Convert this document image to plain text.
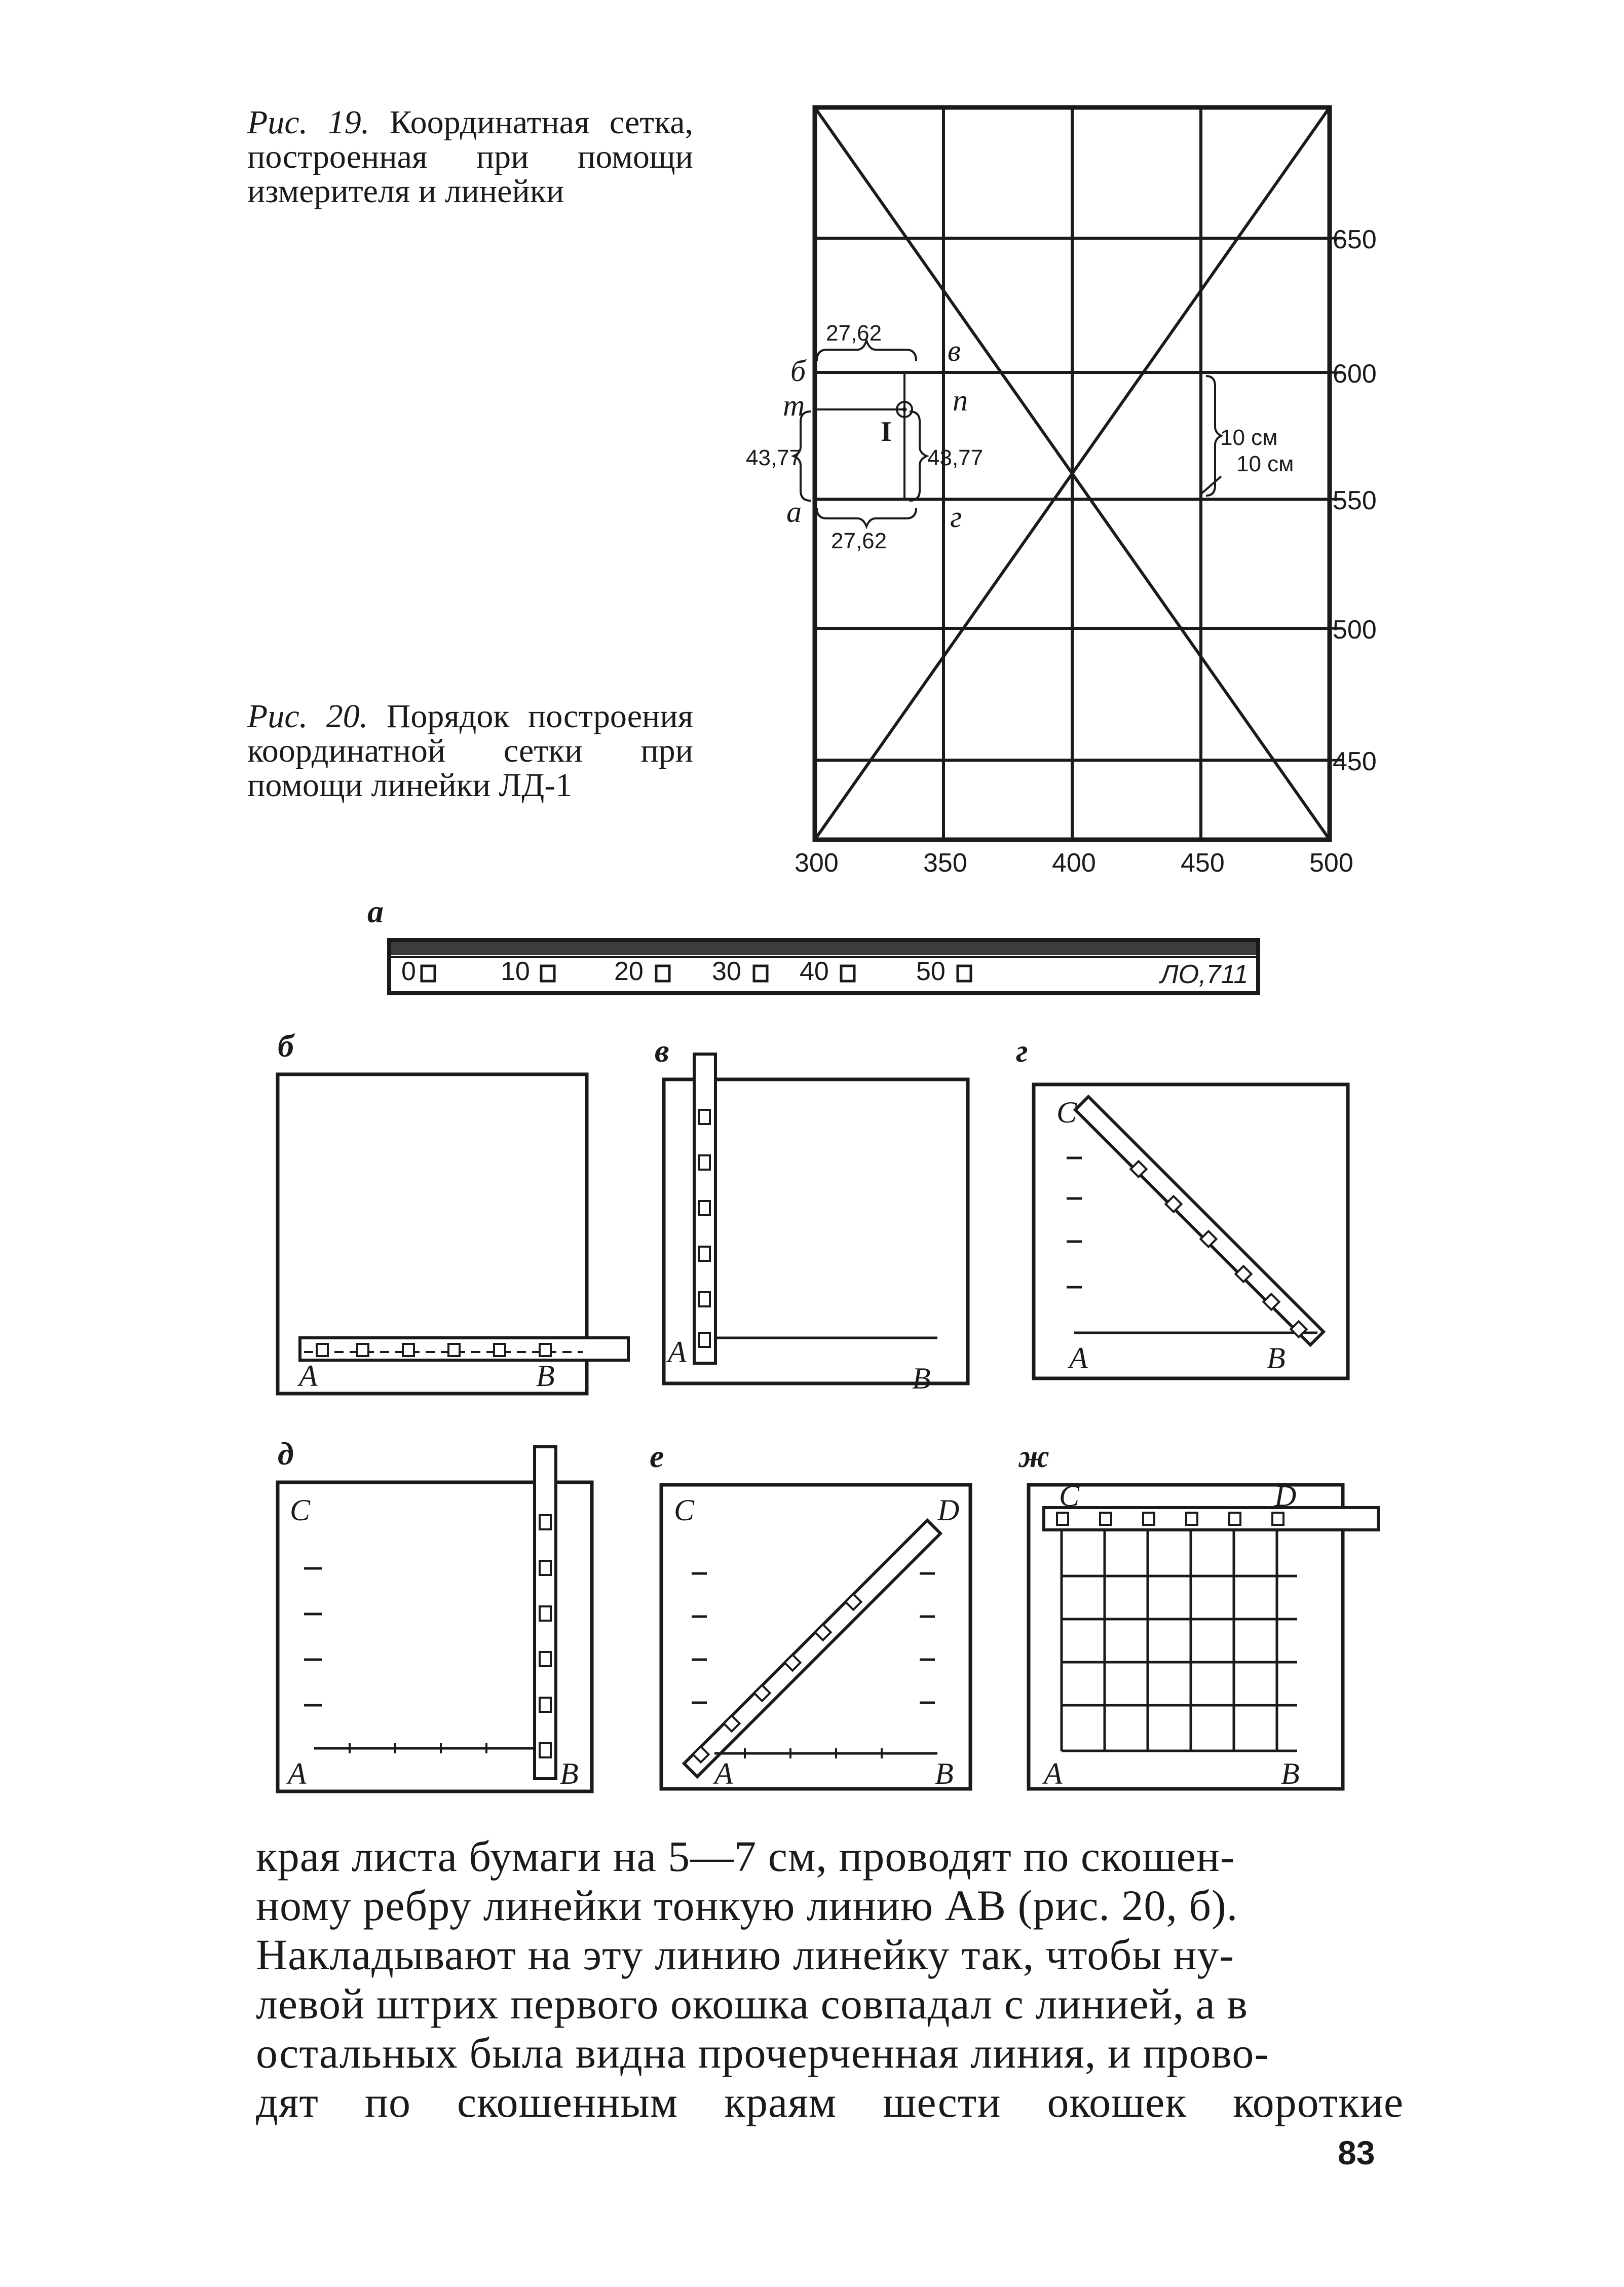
Рис. 19. Координатная сетка, построенная при помощи измерителя и линейки
Рис. 20. Порядок построения координатной сетки при помощи линейки ЛД-1
650
600
550
500
450
300	350	400	450	500
27,62
27,62
43,77	43,77
10 см
10 см
б
m
а
в
п
г
I
а
0	10	20	30 40	50	ЛО,711
б
A	B
в
A
B
г
C
A	B
д
C
A	B
е
C	D
A	B
ж
C	D
A	B
края листа бумаги на 5—7 см, проводят по скошен-
ному ребру линейки тонкую линию AB (рис. 20, б).
Накладывают на эту линию линейку так, чтобы ну-
левой штрих первого окошка совпадал с линией, а в
остальных была видна прочерченная линия, и прово-
дят по скошенным краям шести окошек короткие
83
